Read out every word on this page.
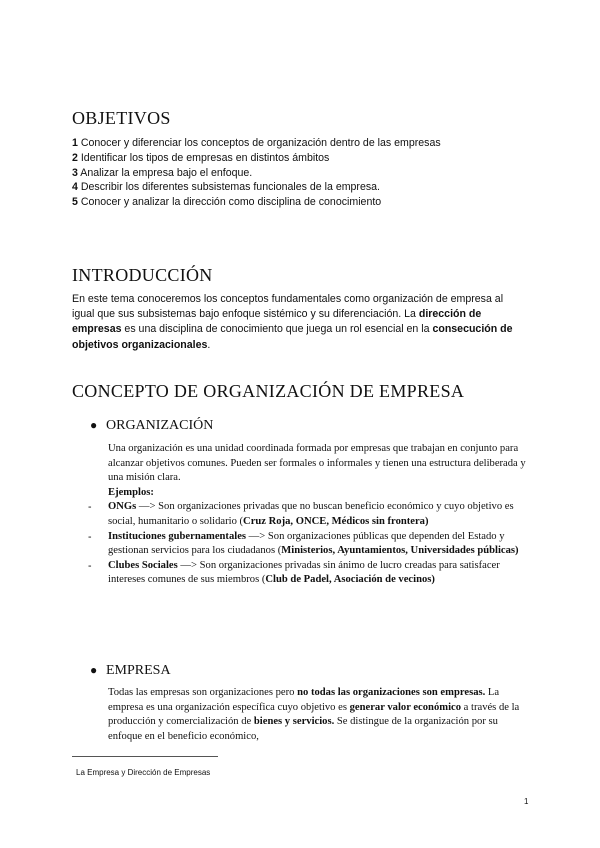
OBJETIVOS
1 Conocer y diferenciar los conceptos de organización dentro de las empresas
2 Identificar los tipos de empresas en distintos ámbitos
3 Analizar la empresa bajo el enfoque.
4 Describir los diferentes subsistemas funcionales de la empresa.
5 Conocer y analizar la dirección como disciplina de conocimiento
INTRODUCCIÓN
En este tema conoceremos los conceptos fundamentales como organización de empresa al igual que sus subsistemas bajo enfoque sistémico y su diferenciación. La dirección de empresas es una disciplina de conocimiento que juega un rol esencial en la consecución de objetivos organizacionales.
CONCEPTO DE ORGANIZACIÓN DE EMPRESA
● ORGANIZACIÓN
Una organización es una unidad coordinada formada por empresas que trabajan en conjunto para alcanzar objetivos comunes. Pueden ser formales o informales y tienen una estructura deliberada y una misión clara.
Ejemplos:
- ONGs —> Son organizaciones privadas que no buscan beneficio económico y cuyo objetivo es social, humanitario o solidario (Cruz Roja, ONCE, Médicos sin frontera)
- Instituciones gubernamentales —> Son organizaciones públicas que dependen del Estado y gestionan servicios para los ciudadanos (Ministerios, Ayuntamientos, Universidades públicas)
- Clubes Sociales —> Son organizaciones privadas sin ánimo de lucro creadas para satisfacer intereses comunes de sus miembros (Club de Padel, Asociación de vecinos)
● EMPRESA
Todas las empresas son organizaciones pero no todas las organizaciones son empresas. La empresa es una organización específica cuyo objetivo es generar valor económico a través de la producción y comercialización de bienes y servicios. Se distingue de la organización por su enfoque en el beneficio económico,
La Empresa y Dirección de Empresas
1
